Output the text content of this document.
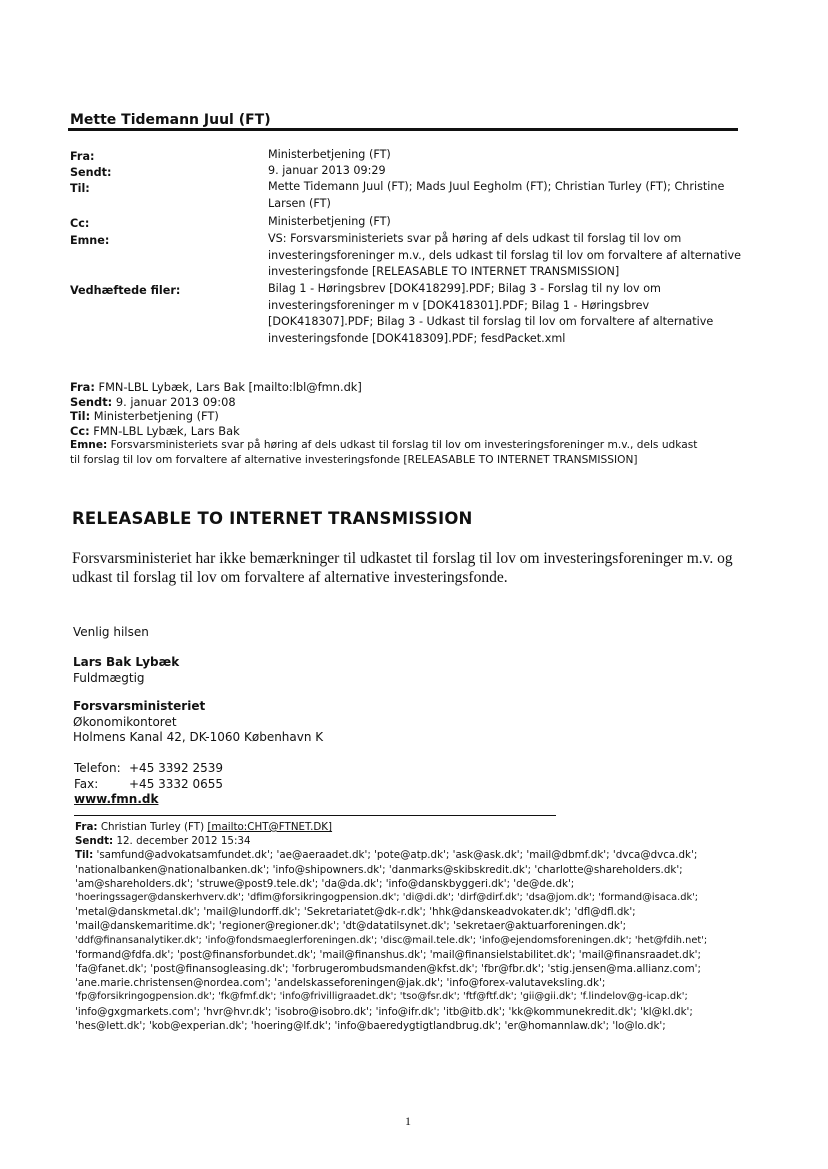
Mette Tidemann Juul (FT)
Fra:	Ministerbetjening (FT)
Sendt:	9. januar 2013 09:29
Til:	Mette Tidemann Juul (FT); Mads Juul Eegholm (FT); Christian Turley (FT); Christine
Larsen (FT)
Cc:	Ministerbetjening (FT)
Emne:	VS: Forsvarsministeriets svar på høring af dels udkast til forslag til lov om
investeringsforeninger m.v., dels udkast til forslag til lov om forvaltere af alternative
investeringsfonde [RELEASABLE TO INTERNET TRANSMISSION]
Vedhæftede filer:	Bilag 1 - Høringsbrev [DOK418299].PDF; Bilag 3 - Forslag til ny lov om
investeringsforeninger m v [DOK418301].PDF; Bilag 1 - Høringsbrev
[DOK418307].PDF; Bilag 3 - Udkast til forslag til lov om forvaltere af alternative
investeringsfonde [DOK418309].PDF; fesdPacket.xml
Fra: FMN-LBL Lybæk, Lars Bak [mailto:lbl@fmn.dk]
Sendt: 9. januar 2013 09:08
Til: Ministerbetjening (FT)
Cc: FMN-LBL Lybæk, Lars Bak
Emne: Forsvarsministeriets svar på høring af dels udkast til forslag til lov om investeringsforeninger m.v., dels udkast
til forslag til lov om forvaltere af alternative investeringsfonde [RELEASABLE TO INTERNET TRANSMISSION]
RELEASABLE TO INTERNET TRANSMISSION
Forsvarsministeriet har ikke bemærkninger til udkastet til forslag til lov om investeringsforeninger m.v. og
udkast til forslag til lov om forvaltere af alternative investeringsfonde.
Venlig hilsen
Lars Bak Lybæk
Fuldmægtig
Forsvarsministeriet
Økonomikontoret
Holmens Kanal 42, DK-1060 København K
Telefon: +45 3392 2539
Fax:	+45 3332 0655
www.fmn.dk
Fra: Christian Turley (FT) [mailto:CHT@FTNET.DK]
Sendt: 12. december 2012 15:34
Til: 'samfund@advokatsamfundet.dk'; 'ae@aeraadet.dk'; 'pote@atp.dk'; 'ask@ask.dk'; 'mail@dbmf.dk'; 'dvca@dvca.dk';
'nationalbanken@nationalbanken.dk'; 'info@shipowners.dk'; 'danmarks@skibskredit.dk'; 'charlotte@shareholders.dk';
'am@shareholders.dk'; 'struwe@post9.tele.dk'; 'da@da.dk'; 'info@danskbyggeri.dk'; 'de@de.dk';
'hoeringssager@danskerhverv.dk'; 'dfim@forsikringogpension.dk'; 'di@di.dk'; 'dirf@dirf.dk'; 'dsa@jom.dk'; 'formand@isaca.dk';
'metal@danskmetal.dk'; 'mail@lundorff.dk'; 'Sekretariatet@dk-r.dk'; 'hhk@danskeadvokater.dk'; 'dfl@dfl.dk';
'mail@danskemaritime.dk'; 'regioner@regioner.dk'; 'dt@datatilsynet.dk'; 'sekretaer@aktuarforeningen.dk';
'ddf@finansanalytiker.dk'; 'info@fondsmaeglerforeningen.dk'; 'disc@mail.tele.dk'; 'info@ejendomsforeningen.dk'; 'het@fdih.net';
'formand@fdfa.dk'; 'post@finansforbundet.dk'; 'mail@finanshus.dk'; 'mail@finansielstabilitet.dk'; 'mail@finansraadet.dk';
'fa@fanet.dk'; 'post@finansogleasing.dk'; 'forbrugerombudsmanden@kfst.dk'; 'fbr@fbr.dk'; 'stig.jensen@ma.allianz.com';
'ane.marie.christensen@nordea.com'; 'andelskasseforeningen@jak.dk'; 'info@forex-valutaveksling.dk';
'fp@forsikringogpension.dk'; 'fk@fmf.dk'; 'info@frivilligraadet.dk'; 'tso@fsr.dk'; 'ftf@ftf.dk'; 'gii@gii.dk'; 'f.lindelov@g-icap.dk';
'info@gxgmarkets.com'; 'hvr@hvr.dk'; 'isobro@isobro.dk'; 'info@ifr.dk'; 'itb@itb.dk'; 'kk@kommunekredit.dk'; 'kl@kl.dk';
'hes@lett.dk'; 'kob@experian.dk'; 'hoering@lf.dk'; 'info@baeredygtigtlandbrug.dk'; 'er@homannlaw.dk'; 'lo@lo.dk';
1
